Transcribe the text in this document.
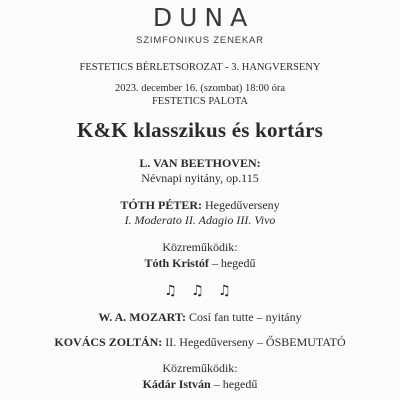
DUNA
SZIMFONIKUS ZENEKAR
FESTETICS BÉRLETSOROZAT - 3. HANGVERSENY
2023. december 16. (szombat) 18:00 óra
FESTETICS PALOTA
K&K klasszikus és kortárs
L. VAN BEETHOVEN:
Névnapi nyitány, op.115
TÓTH PÉTER: Hegedűverseny
I. Moderato II. Adagio III. Vivo
Közreműködik:
Tóth Kristóf – hegedű
♫ ♫ ♫
W. A. MOZART: Cosí fan tutte – nyitány
KOVÁCS ZOLTÁN: II. Hegedűverseny – ŐSBEMUTATÓ
Közreműködik:
Kádár István – hegedű
